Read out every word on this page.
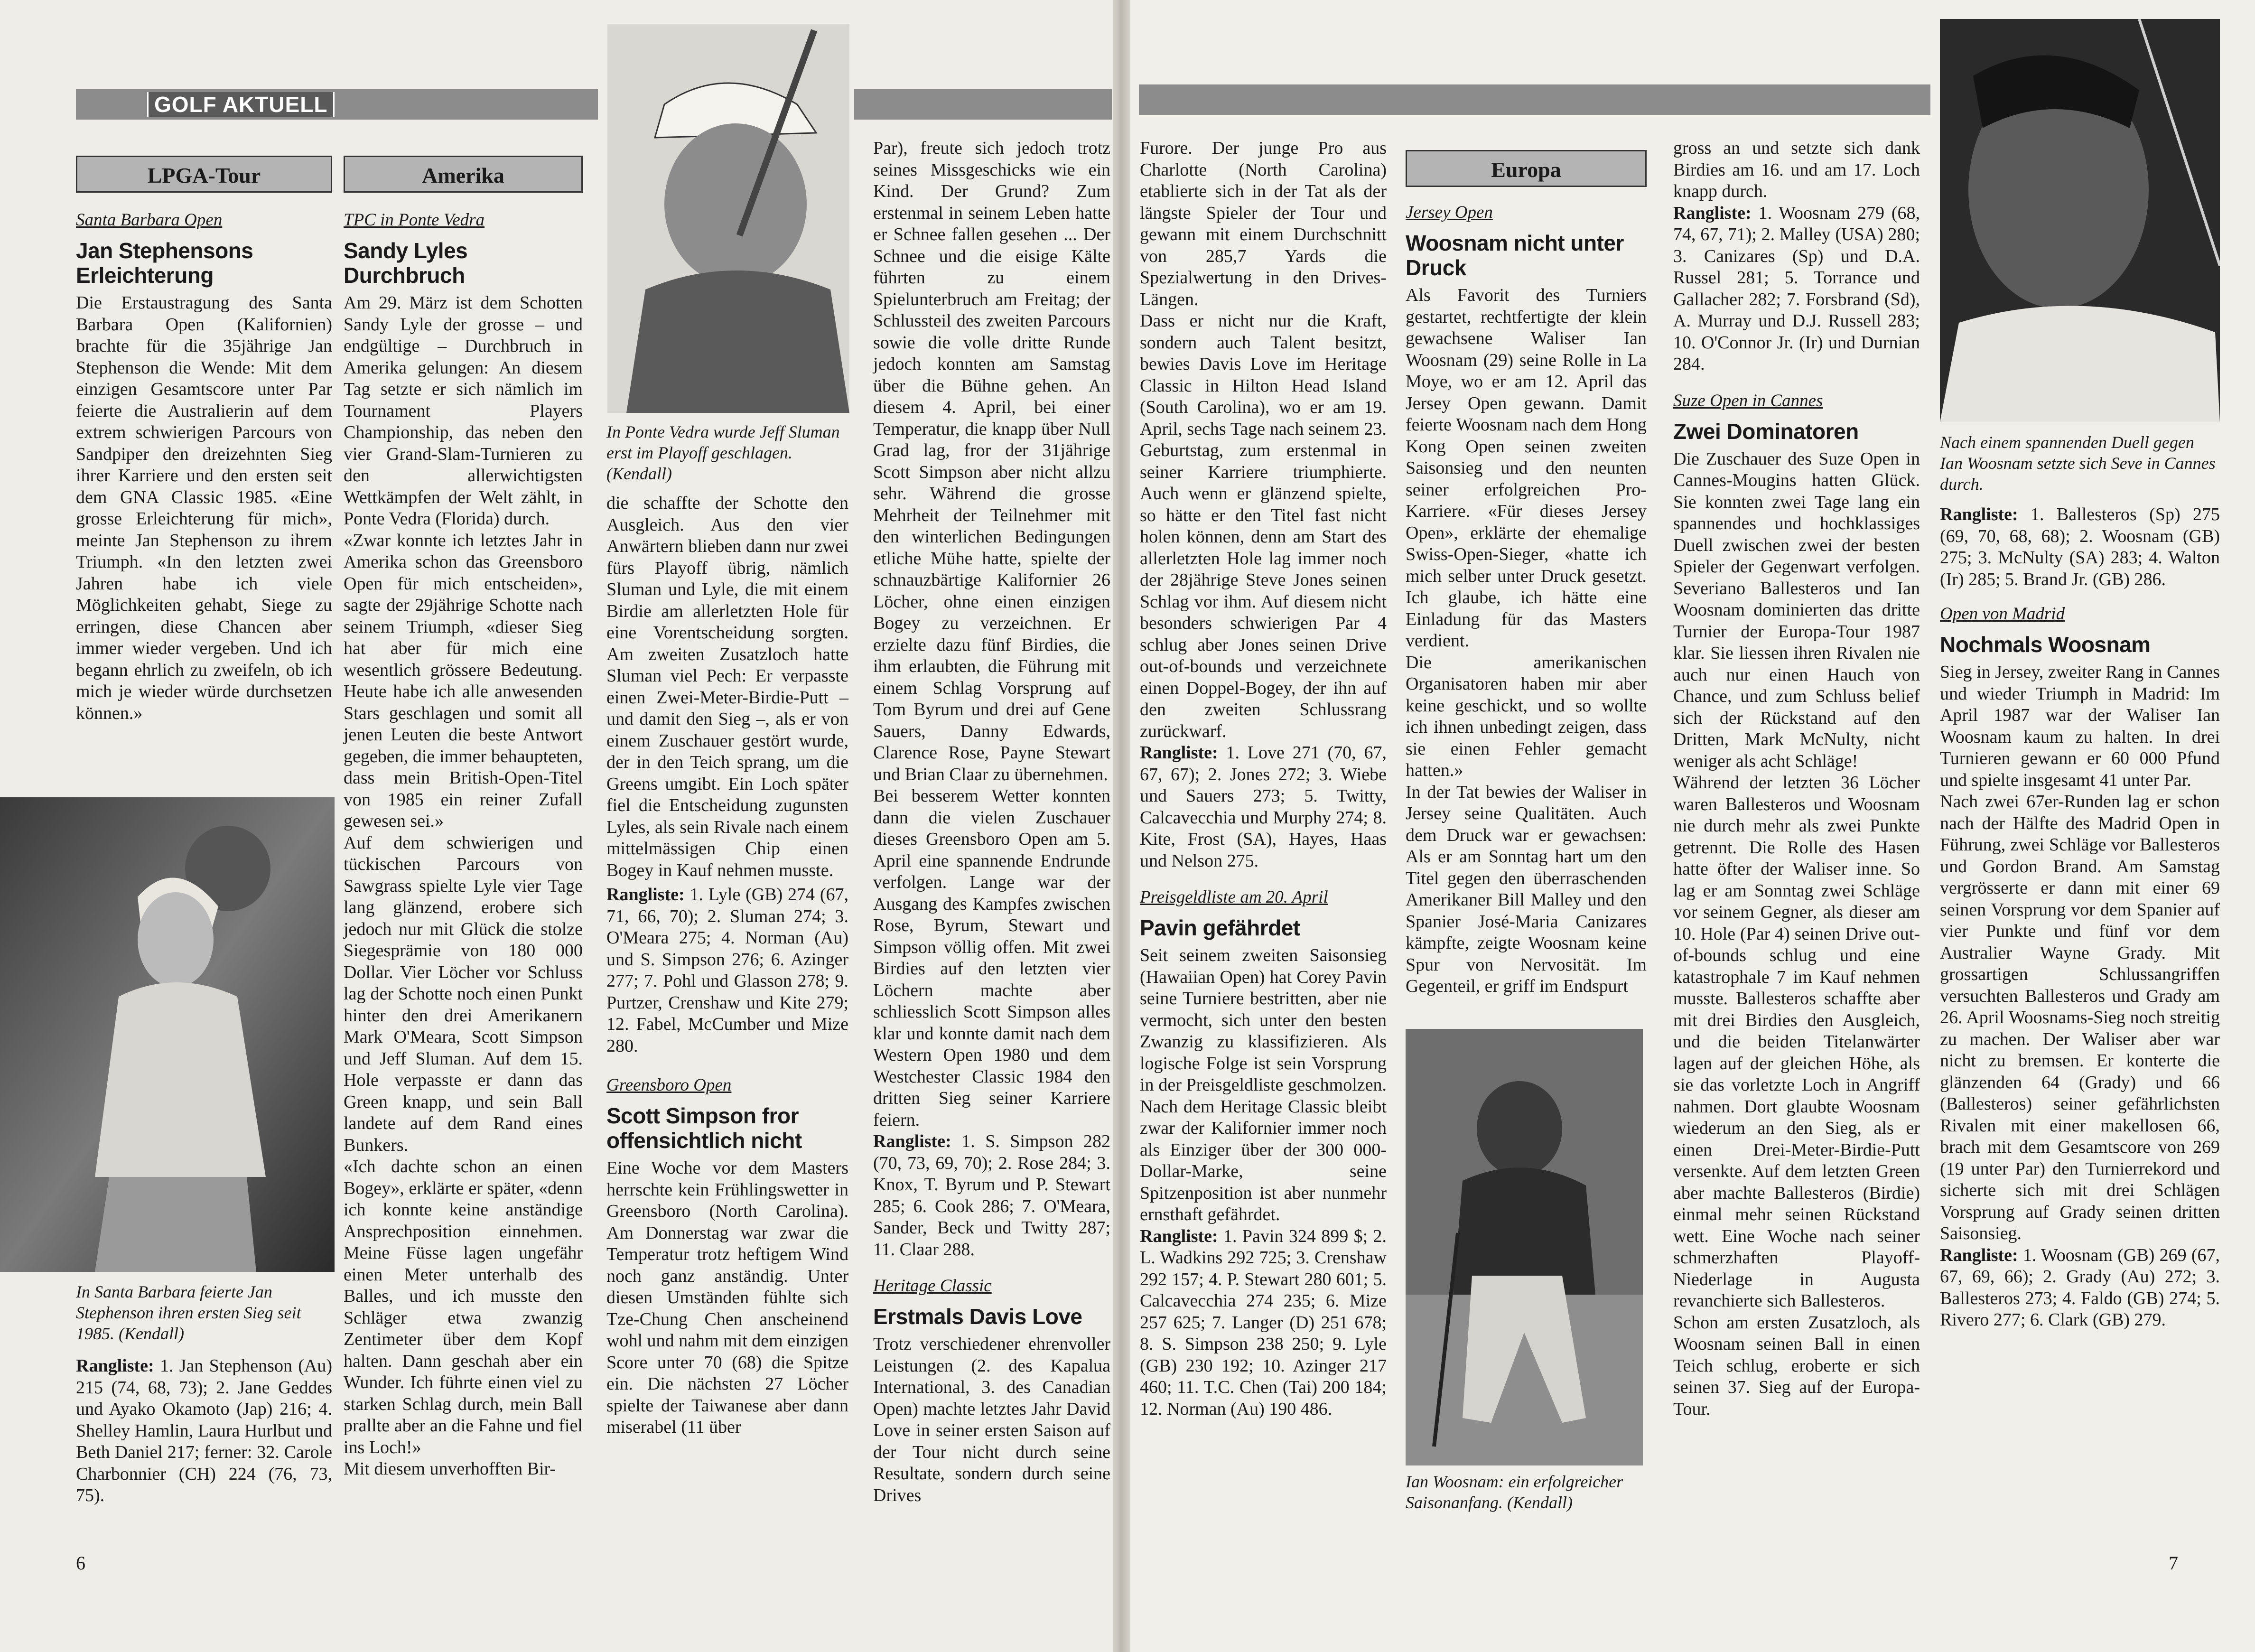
GOLF AKTUELL
LPGA-Tour	Amerika	Europa
Santa Barbara Open
Jan Stephensons Erleichterung

Die Erstaustragung des Santa Barbara Open (Kalifornien) brachte für die 35jährige Jan Stephenson die Wende: Mit dem einzigen Gesamtscore unter Par feierte die Australierin auf dem extrem schwierigen Parcours von Sandpiper den dreizehnten Sieg ihrer Karriere und den ersten seit dem GNA Classic 1985. «Eine grosse Erleichterung für mich», meinte Jan Stephenson zu ihrem Triumph. «In den letzten zwei Jahren habe ich viele Möglichkeiten gehabt, Siege zu erringen, diese Chancen aber immer wieder vergeben. Und ich begann ehrlich zu zweifeln, ob ich mich je wieder würde durchsetzen können.»

In Santa Barbara feierte Jan Stephenson ihren ersten Sieg seit 1985. (Kendall)

Rangliste: 1. Jan Stephenson (Au) 215 (74, 68, 73); 2. Jane Geddes und Ayako Okamoto (Jap) 216; 4. Shelley Hamlin, Laura Hurlbut und Beth Daniel 217; ferner: 32. Carole Charbonnier (CH) 224 (76, 73, 75).

TPC in Ponte Vedra
Sandy Lyles Durchbruch

Am 29. März ist dem Schotten Sandy Lyle der grosse – und endgültige – Durchbruch in Amerika gelungen: An diesem Tag setzte er sich nämlich im Tournament Players Championship, das neben den vier Grand-Slam-Turnieren zu den allerwichtigsten Wettkämpfen der Welt zählt, in Ponte Vedra (Florida) durch.

«Zwar konnte ich letztes Jahr in Amerika schon das Greensboro Open für mich entscheiden», sagte der 29jährige Schotte nach seinem Triumph, «dieser Sieg hat aber für mich eine wesentlich grössere Bedeutung. Heute habe ich alle anwesenden Stars geschlagen und somit all jenen Leuten die beste Antwort gegeben, die immer behaupteten, dass mein British-Open-Titel von 1985 ein reiner Zufall gewesen sei.»

Auf dem schwierigen und tückischen Parcours von Sawgrass spielte Lyle vier Tage lang glänzend, erobere sich jedoch nur mit Glück die stolze Siegesprämie von 180 000 Dollar. Vier Löcher vor Schluss lag der Schotte noch einen Punkt hinter den drei Amerikanern Mark O'Meara, Scott Simpson und Jeff Sluman. Auf dem 15. Hole verpasste er dann das Green knapp, und sein Ball landete auf dem Rand eines Bunkers.

«Ich dachte schon an einen Bogey», erklärte er später, «denn ich konnte keine anständige Ansprechposition einnehmen. Meine Füsse lagen ungefähr einen Meter unterhalb des Balles, und ich musste den Schläger etwa zwanzig Zentimeter über dem Kopf halten. Dann geschah aber ein Wunder. Ich führte einen viel zu starken Schlag durch, mein Ball prallte aber an die Fahne und fiel ins Loch!»

Mit diesem unverhofften Bir-

In Ponte Vedra wurde Jeff Sluman erst im Playoff geschlagen. (Kendall)

die schaffte der Schotte den Ausgleich. Aus den vier Anwärtern blieben dann nur zwei fürs Playoff übrig, nämlich Sluman und Lyle, die mit einem Birdie am allerletzten Hole für eine Vorentscheidung sorgten. Am zweiten Zusatzloch hatte Sluman viel Pech: Er verpasste einen Zwei-Meter-Birdie-Putt – und damit den Sieg –, als er von einem Zuschauer gestört wurde, der in den Teich sprang, um die Greens umgibt. Ein Loch später fiel die Entscheidung zugunsten Lyles, als sein Rivale nach einem mittelmässigen Chip einen Bogey in Kauf nehmen musste.

Rangliste: 1. Lyle (GB) 274 (67, 71, 66, 70); 2. Sluman 274; 3. O'Meara 275; 4. Norman (Au) und S. Simpson 276; 6. Azinger 277; 7. Pohl und Glasson 278; 9. Purtzer, Crenshaw und Kite 279; 12. Fabel, McCumber und Mize 280.

Greensboro Open
Scott Simpson fror offensichtlich nicht

Eine Woche vor dem Masters herrschte kein Frühlingswetter in Greensboro (North Carolina). Am Donnerstag war zwar die Temperatur trotz heftigem Wind noch ganz anständig. Unter diesen Umständen fühlte sich Tze-Chung Chen anscheinend wohl und nahm mit dem einzigen Score unter 70 (68) die Spitze ein. Die nächsten 27 Löcher spielte der Taiwanese aber dann miserabel (11 über

Par), freute sich jedoch trotz seines Missgeschicks wie ein Kind. Der Grund? Zum erstenmal in seinem Leben hatte er Schnee fallen gesehen ... Der Schnee und die eisige Kälte führten zu einem Spielunterbruch am Freitag; der Schlussteil des zweiten Parcours sowie die volle dritte Runde jedoch konnten am Samstag über die Bühne gehen. An diesem 4. April, bei einer Temperatur, die knapp über Null Grad lag, fror der 31jährige Scott Simpson aber nicht allzu sehr. Während die grosse Mehrheit der Teilnehmer mit den winterlichen Bedingungen etliche Mühe hatte, spielte der schnauzbärtige Kalifornier 26 Löcher, ohne einen einzigen Bogey zu verzeichnen. Er erzielte dazu fünf Birdies, die ihm erlaubten, die Führung mit einem Schlag Vorsprung auf Tom Byrum und drei auf Gene Sauers, Danny Edwards, Clarence Rose, Payne Stewart und Brian Claar zu übernehmen.

Bei besserem Wetter konnten dann die vielen Zuschauer dieses Greensboro Open am 5. April eine spannende Endrunde verfolgen. Lange war der Ausgang des Kampfes zwischen Rose, Byrum, Stewart und Simpson völlig offen. Mit zwei Birdies auf den letzten vier Löchern machte aber schliesslich Scott Simpson alles klar und konnte damit nach dem Western Open 1980 und dem Westchester Classic 1984 den dritten Sieg seiner Karriere feiern.

Rangliste: 1. S. Simpson 282 (70, 73, 69, 70); 2. Rose 284; 3. Knox, T. Byrum und P. Stewart 285; 6. Cook 286; 7. O'Meara, Sander, Beck und Twitty 287; 11. Claar 288.

Heritage Classic
Erstmals Davis Love

Trotz verschiedener ehrenvoller Leistungen (2. des Kapalua International, 3. des Canadian Open) machte letztes Jahr David Love in seiner ersten Saison auf der Tour nicht durch seine Resultate, sondern durch seine Drives

Furore. Der junge Pro aus Charlotte (North Carolina) etablierte sich in der Tat als der längste Spieler der Tour und gewann mit einem Durchschnitt von 285,7 Yards die Spezialwertung in den Drives-Längen.

Dass er nicht nur die Kraft, sondern auch Talent besitzt, bewies Davis Love im Heritage Classic in Hilton Head Island (South Carolina), wo er am 19. April, sechs Tage nach seinem 23. Geburtstag, zum erstenmal in seiner Karriere triumphierte. Auch wenn er glänzend spielte, so hätte er den Titel fast nicht holen können, denn am Start des allerletzten Hole lag immer noch der 28jährige Steve Jones seinen Schlag vor ihm. Auf diesem nicht besonders schwierigen Par 4 schlug aber Jones seinen Drive out-of-bounds und verzeichnete einen Doppel-Bogey, der ihn auf den zweiten Schlussrang zurückwarf.

Rangliste: 1. Love 271 (70, 67, 67, 67); 2. Jones 272; 3. Wiebe und Sauers 273; 5. Twitty, Calcavecchia und Murphy 274; 8. Kite, Frost (SA), Hayes, Haas und Nelson 275.

Preisgeldliste am 20. April
Pavin gefährdet

Seit seinem zweiten Saisonsieg (Hawaiian Open) hat Corey Pavin seine Turniere bestritten, aber nie vermocht, sich unter den besten Zwanzig zu klassifizieren. Als logische Folge ist sein Vorsprung in der Preisgeldliste geschmolzen. Nach dem Heritage Classic bleibt zwar der Kalifornier immer noch als Einziger über der 300 000-Dollar-Marke, seine Spitzenposition ist aber nunmehr ernsthaft gefährdet.

Rangliste: 1. Pavin 324 899 $; 2. L. Wadkins 292 725; 3. Crenshaw 292 157; 4. P. Stewart 280 601; 5. Calcavecchia 274 235; 6. Mize 257 625; 7. Langer (D) 251 678; 8. S. Simpson 238 250; 9. Lyle (GB) 230 192; 10. Azinger 217 460; 11. T.C. Chen (Tai) 200 184; 12. Norman (Au) 190 486.

Jersey Open
Woosnam nicht unter Druck

Als Favorit des Turniers gestartet, rechtfertigte der klein gewachsene Waliser Ian Woosnam (29) seine Rolle in La Moye, wo er am 12. April das Jersey Open gewann. Damit feierte Woosnam nach dem Hong Kong Open seinen zweiten Saisonsieg und den neunten seiner erfolgreichen Pro-Karriere. «Für dieses Jersey Open», erklärte der ehemalige Swiss-Open-Sieger, «hatte ich mich selber unter Druck gesetzt. Ich glaube, ich hätte eine Einladung für das Masters verdient.

Die amerikanischen Organisatoren haben mir aber keine geschickt, und so wollte ich ihnen unbedingt zeigen, dass sie einen Fehler gemacht hatten.»

In der Tat bewies der Waliser in Jersey seine Qualitäten. Auch dem Druck war er gewachsen: Als er am Sonntag hart um den Titel gegen den überraschenden Amerikaner Bill Malley und den Spanier José-Maria Canizares kämpfte, zeigte Woosnam keine Spur von Nervosität. Im Gegenteil, er griff im Endspurt

Ian Woosnam: ein erfolgreicher Saisonanfang. (Kendall)

gross an und setzte sich dank Birdies am 16. und am 17. Loch knapp durch.

Rangliste: 1. Woosnam 279 (68, 74, 67, 71); 2. Malley (USA) 280; 3. Canizares (Sp) und D.A. Russel 281; 5. Torrance und Gallacher 282; 7. Forsbrand (Sd), A. Murray und D.J. Russell 283; 10. O'Connor Jr. (Ir) und Durnian 284.

Suze Open in Cannes
Zwei Dominatoren

Die Zuschauer des Suze Open in Cannes-Mougins hatten Glück. Sie konnten zwei Tage lang ein spannendes und hochklassiges Duell zwischen zwei der besten Spieler der Gegenwart verfolgen. Severiano Ballesteros und Ian Woosnam dominierten das dritte Turnier der Europa-Tour 1987 klar. Sie liessen ihren Rivalen nie auch nur einen Hauch von Chance, und zum Schluss belief sich der Rückstand auf den Dritten, Mark McNulty, nicht weniger als acht Schläge!

Während der letzten 36 Löcher waren Ballesteros und Woosnam nie durch mehr als zwei Punkte getrennt. Die Rolle des Hasen hatte öfter der Waliser inne. So lag er am Sonntag zwei Schläge vor seinem Gegner, als dieser am 10. Hole (Par 4) seinen Drive out-of-bounds schlug und eine katastrophale 7 im Kauf nehmen musste. Ballesteros schaffte aber mit drei Birdies den Ausgleich, und die beiden Titelanwärter lagen auf der gleichen Höhe, als sie das vorletzte Loch in Angriff nahmen. Dort glaubte Woosnam wiederum an den Sieg, als er einen Drei-Meter-Birdie-Putt versenkte. Auf dem letzten Green aber machte Ballesteros (Birdie) einmal mehr seinen Rückstand wett. Eine Woche nach seiner schmerzhaften Playoff-Niederlage in Augusta revanchierte sich Ballesteros.

Schon am ersten Zusatzloch, als Woosnam seinen Ball in einen Teich schlug, eroberte er sich seinen 37. Sieg auf der Europa-Tour.

Nach einem spannenden Duell gegen Ian Woosnam setzte sich Seve in Cannes durch.

Rangliste: 1. Ballesteros (Sp) 275 (69, 70, 68, 68); 2. Woosnam (GB) 275; 3. McNulty (SA) 283; 4. Walton (Ir) 285; 5. Brand Jr. (GB) 286.

Open von Madrid
Nochmals Woosnam

Sieg in Jersey, zweiter Rang in Cannes und wieder Triumph in Madrid: Im April 1987 war der Waliser Ian Woosnam kaum zu halten. In drei Turnieren gewann er 60 000 Pfund und spielte insgesamt 41 unter Par.

Nach zwei 67er-Runden lag er schon nach der Hälfte des Madrid Open in Führung, zwei Schläge vor Ballesteros und Gordon Brand. Am Samstag vergrösserte er dann mit einer 69 seinen Vorsprung vor dem Spanier auf vier Punkte und fünf vor dem Australier Wayne Grady. Mit grossartigen Schlussangriffen versuchten Ballesteros und Grady am 26. April Woosnams-Sieg noch streitig zu machen. Der Waliser aber war nicht zu bremsen. Er konterte die glänzenden 64 (Grady) und 66 (Ballesteros) seiner gefährlichsten Rivalen mit einer makellosen 66, brach mit dem Gesamtscore von 269 (19 unter Par) den Turnierrekord und sicherte sich mit drei Schlägen Vorsprung auf Grady seinen dritten Saisonsieg.

Rangliste: 1. Woosnam (GB) 269 (67, 67, 69, 66); 2. Grady (Au) 272; 3. Ballesteros 273; 4. Faldo (GB) 274; 5. Rivero 277; 6. Clark (GB) 279.

6	7
